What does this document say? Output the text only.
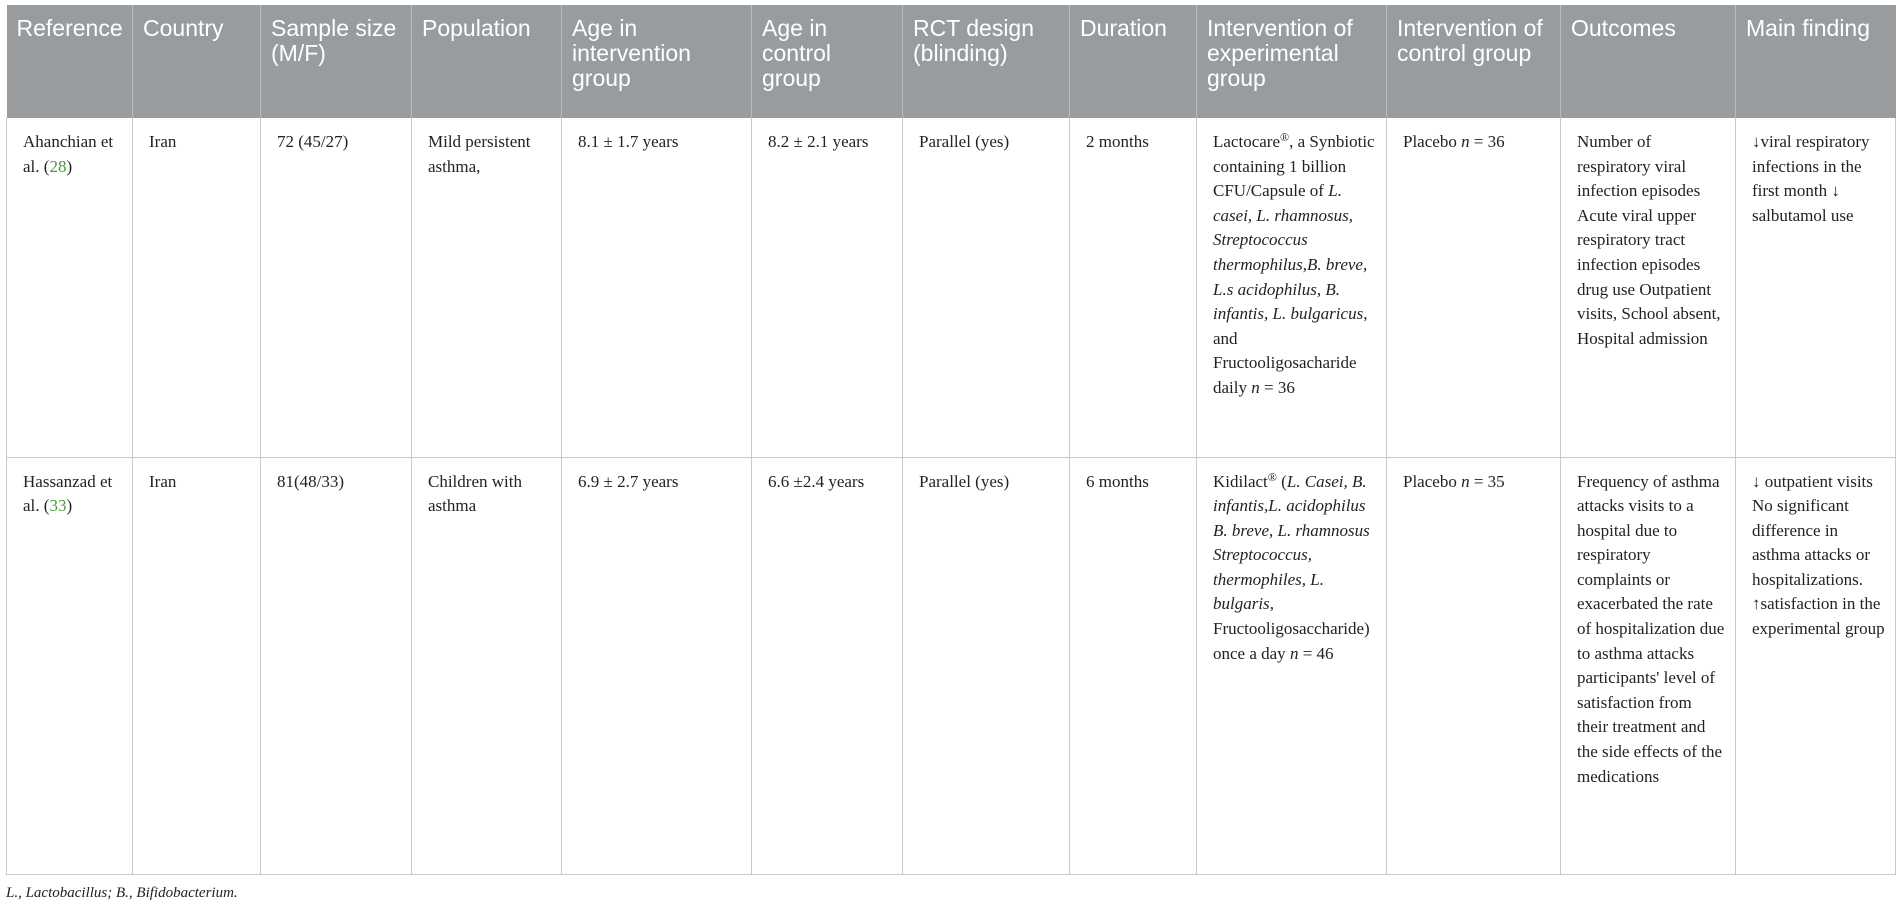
Reference	Country	Sample size (M/F)	Population	Age in intervention group	Age in control group	RCT design (blinding)	Duration	Intervention of experimental group	Intervention of control group	Outcomes	Main finding
Ahanchian et al. (28)	Iran	72 (45/27)	Mild persistent asthma,	8.1 ± 1.7 years	8.2 ± 2.1 years	Parallel (yes)	2 months	Lactocare®, a Synbiotic containing 1 billion CFU/Capsule of L. casei, L. rhamnosus, Streptococcus thermophilus,B. breve, L.s acidophilus, B. infantis, L. bulgaricus, and Fructooligosacharide daily n = 36	Placebo n = 36	Number of respiratory viral infection episodes Acute viral upper respiratory tract infection episodes drug use Outpatient visits, School absent, Hospital admission	↓viral respiratory infections in the first month ↓ salbutamol use
Hassanzad et al. (33)	Iran	81(48/33)	Children with asthma	6.9 ± 2.7 years	6.6 ±2.4 years	Parallel (yes)	6 months	Kidilact® (L. Casei, B. infantis,L. acidophilus B. breve, L. rhamnosus Streptococcus, thermophiles, L. bulgaris, Fructooligosaccharide) once a day n = 46	Placebo n = 35	Frequency of asthma attacks visits to a hospital due to respiratory complaints or exacerbated the rate of hospitalization due to asthma attacks participants' level of satisfaction from their treatment and the side effects of the medications	↓ outpatient visits No significant difference in asthma attacks or hospitalizations. ↑satisfaction in the experimental group
L., Lactobacillus; B., Bifidobacterium.
